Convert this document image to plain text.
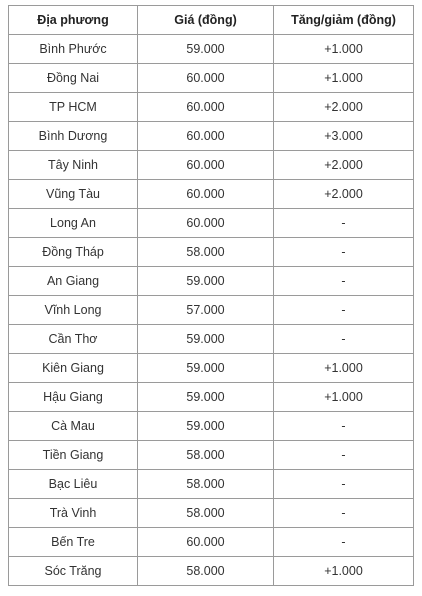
Địa phương	Giá (đồng)	Tăng/giảm (đồng)
Bình Phước	59.000	+1.000
Đồng Nai	60.000	+1.000
TP HCM	60.000	+2.000
Bình Dương	60.000	+3.000
Tây Ninh	60.000	+2.000
Vũng Tàu	60.000	+2.000
Long An	60.000	-
Đồng Tháp	58.000	-
An Giang	59.000	-
Vĩnh Long	57.000	-
Cần Thơ	59.000	-
Kiên Giang	59.000	+1.000
Hậu Giang	59.000	+1.000
Cà Mau	59.000	-
Tiền Giang	58.000	-
Bạc Liêu	58.000	-
Trà Vinh	58.000	-
Bến Tre	60.000	-
Sóc Trăng	58.000	+1.000
